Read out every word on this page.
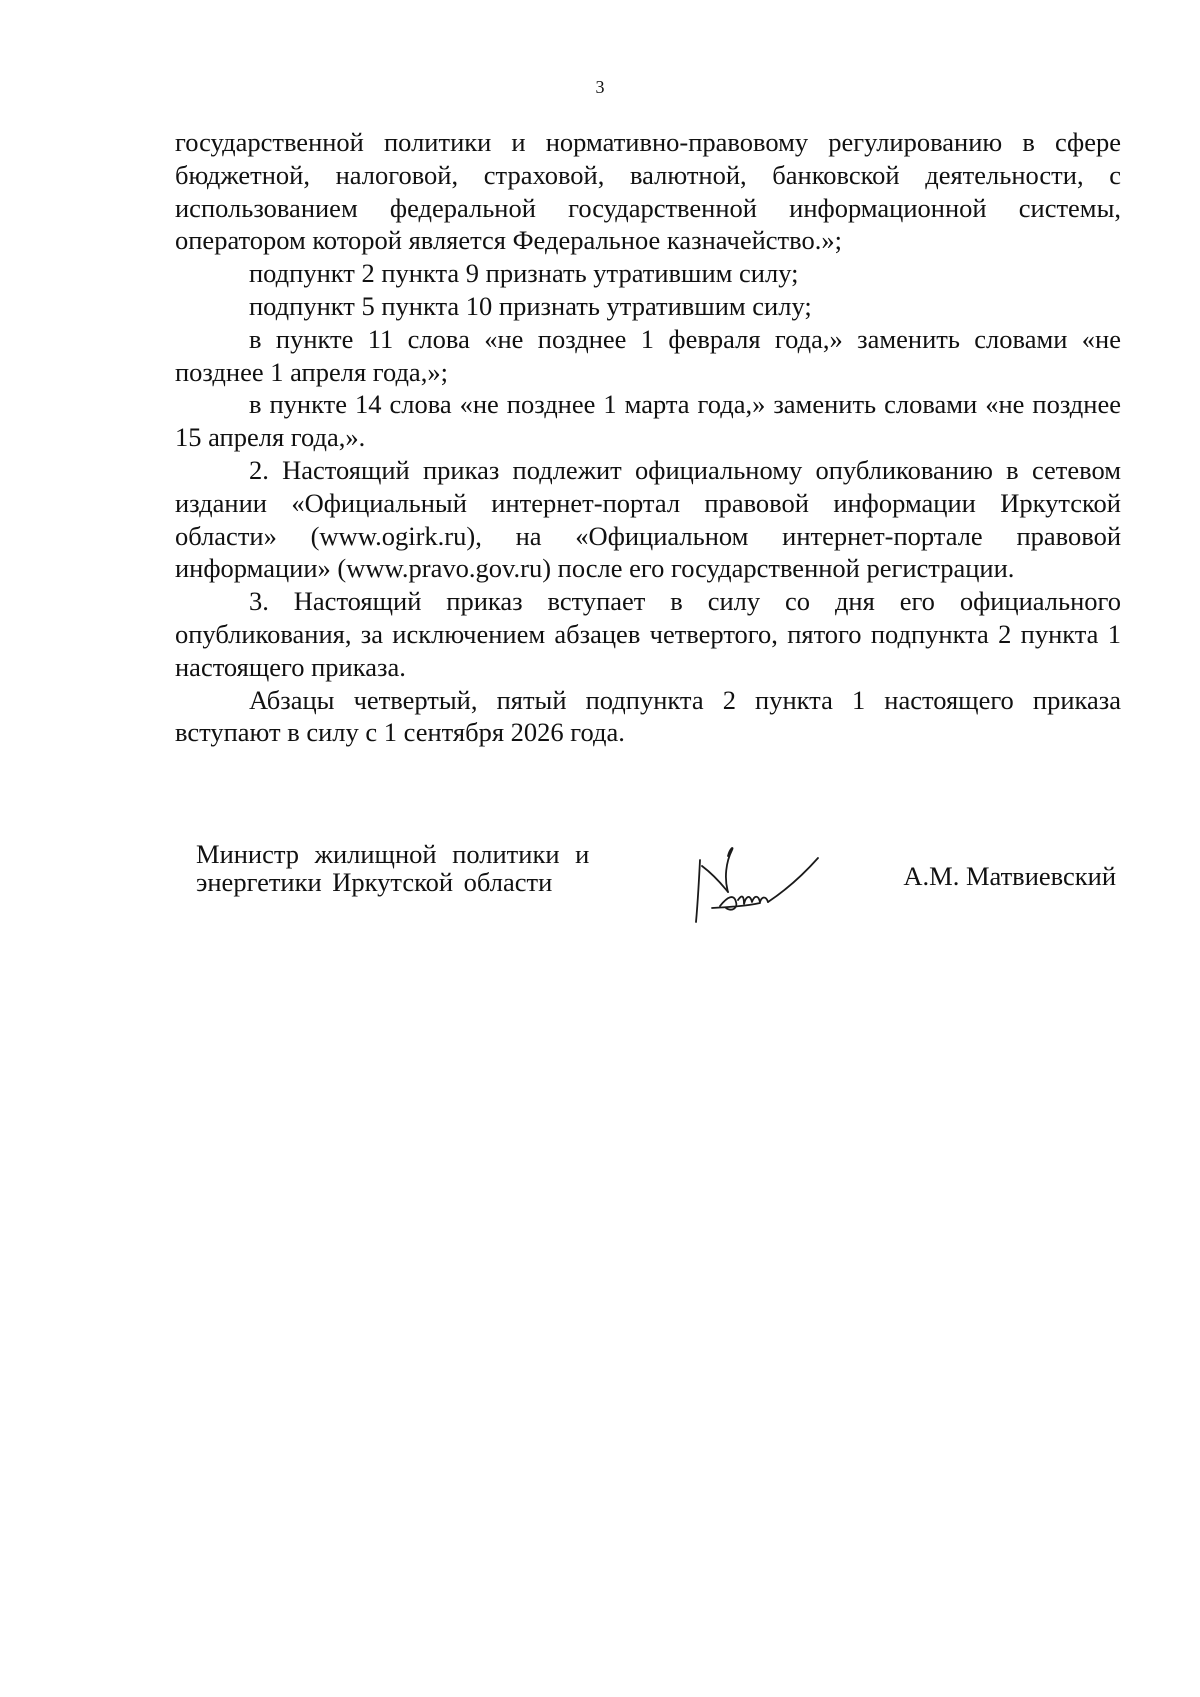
3

государственной политики и нормативно-правовому регулированию в сфере бюджетной, налоговой, страховой, валютной, банковской деятельности, с использованием федеральной государственной информационной системы, оператором которой является Федеральное казначейство.»;

подпункт 2 пункта 9 признать утратившим силу;

подпункт 5 пункта 10 признать утратившим силу;

в пункте 11 слова «не позднее 1 февраля года,» заменить словами «не позднее 1 апреля года,»;

в пункте 14 слова «не позднее 1 марта года,» заменить словами «не позднее 15 апреля года,».

2. Настоящий приказ подлежит официальному опубликованию в сетевом издании «Официальный интернет-портал правовой информации Иркутской области» (www.ogirk.ru), на «Официальном интернет-портале правовой информации» (www.pravo.gov.ru) после его государственной регистрации.

3. Настоящий приказ вступает в силу со дня его официального опубликования, за исключением абзацев четвертого, пятого подпункта 2 пункта 1 настоящего приказа.

Абзацы четвертый, пятый подпункта 2 пункта 1 настоящего приказа вступают в силу с 1 сентября 2026 года.

Министр жилищной политики и
энергетики Иркутской области	А.М. Матвиевский
